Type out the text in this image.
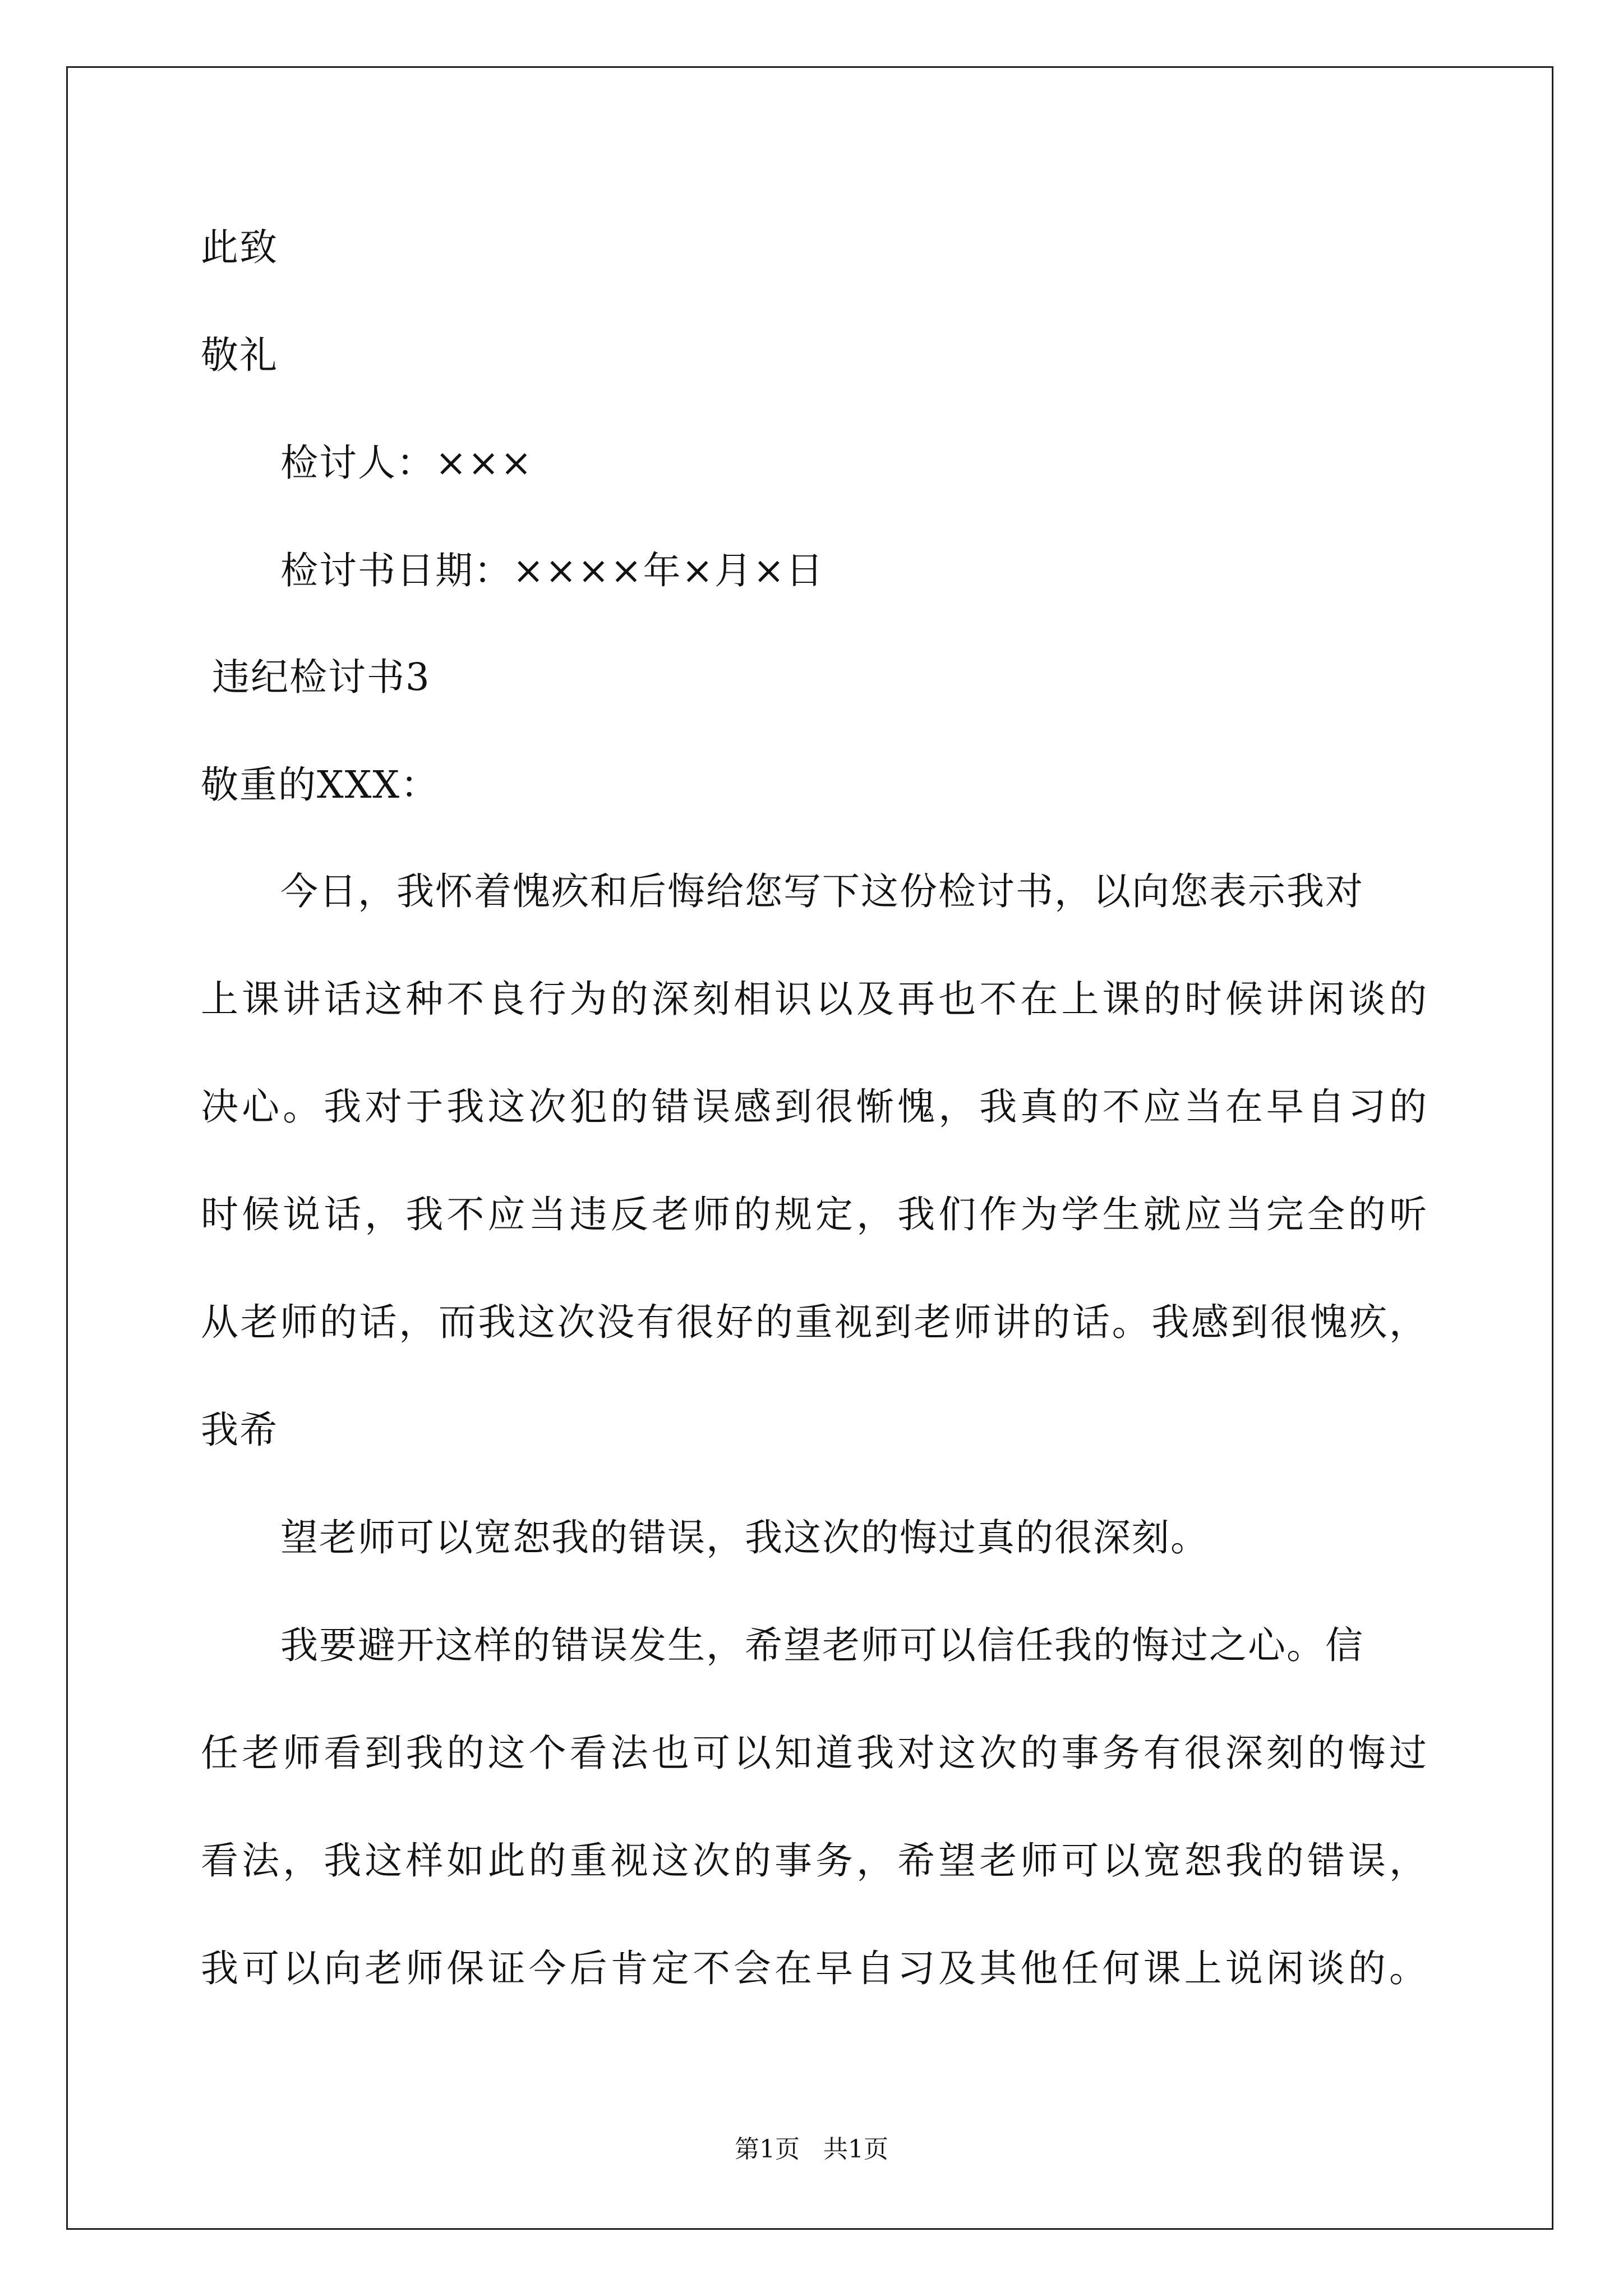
此致

敬礼

检讨人：×××

检讨书日期：××××年×月×日

违纪检讨书3

敬重的XXX：

今日，我怀着愧疚和后悔给您写下这份检讨书，以向您表示我对

上课讲话这种不良行为的深刻相识以及再也不在上课的时候讲闲谈的

决心。我对于我这次犯的错误感到很惭愧，我真的不应当在早自习的

时候说话，我不应当违反老师的规定，我们作为学生就应当完全的听

从老师的话，而我这次没有很好的重视到老师讲的话。我感到很愧疚，

我希

望老师可以宽恕我的错误，我这次的悔过真的很深刻。

我要避开这样的错误发生，希望老师可以信任我的悔过之心。信

任老师看到我的这个看法也可以知道我对这次的事务有很深刻的悔过

看法，我这样如此的重视这次的事务，希望老师可以宽恕我的错误，

我可以向老师保证今后肯定不会在早自习及其他任何课上说闲谈的。

第1页   共1页
